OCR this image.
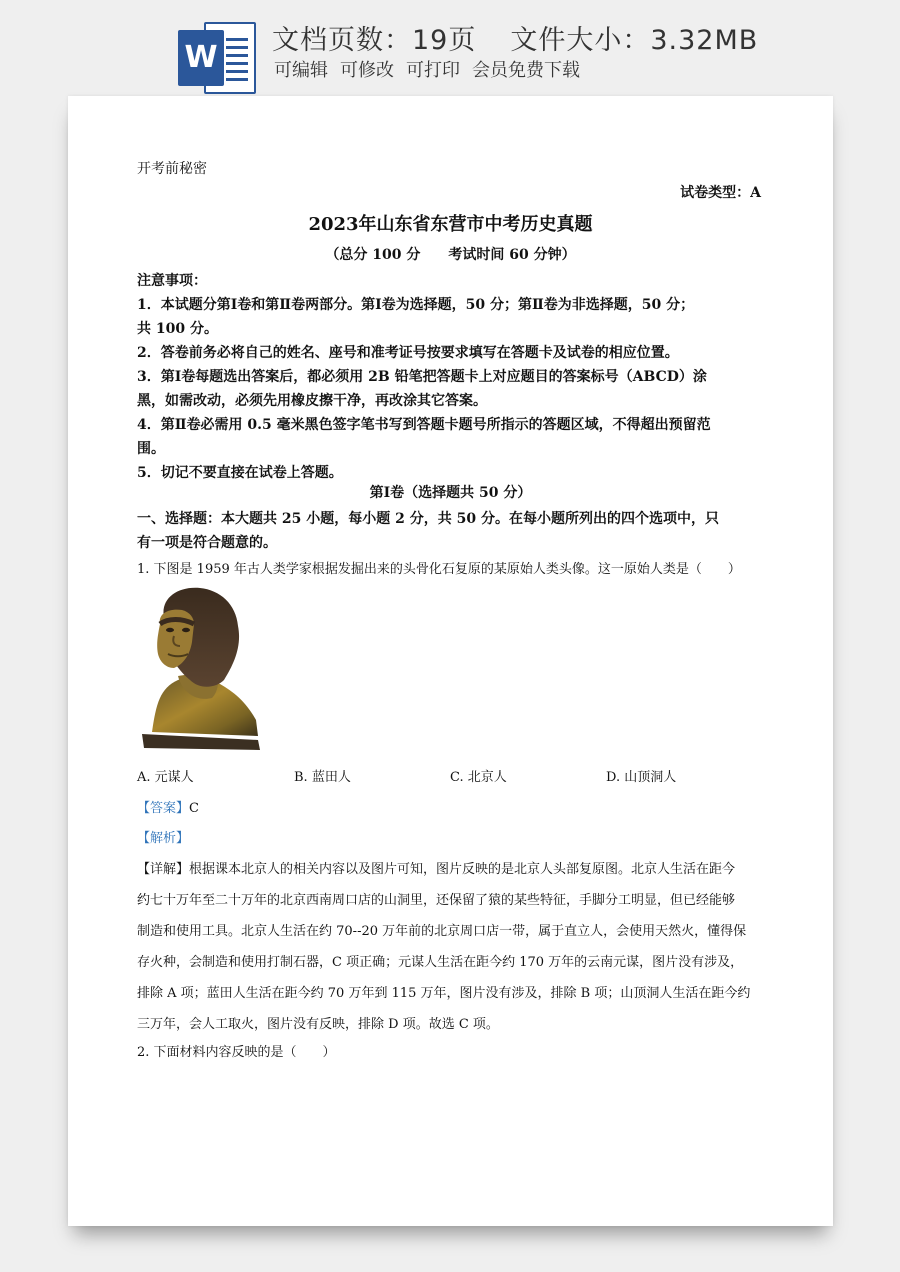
W 文档页数：19页 文件大小：3.32MB
可编辑 可修改 可打印 会员免费下载
开考前秘密
试卷类型：A
2023年山东省东营市中考历史真题
（总分 100 分　　考试时间 60 分钟）
注意事项：
1．本试题分第Ⅰ卷和第Ⅱ卷两部分。第Ⅰ卷为选择题，50 分；第Ⅱ卷为非选择题，50 分；
共 100 分。
2．答卷前务必将自己的姓名、座号和准考证号按要求填写在答题卡及试卷的相应位置。
3．第Ⅰ卷每题选出答案后，都必须用 2B 铅笔把答题卡上对应题目的答案标号（ABCD）涂
黑，如需改动，必须先用橡皮擦干净，再改涂其它答案。
4．第Ⅱ卷必需用 0.5 毫米黑色签字笔书写到答题卡题号所指示的答题区域，不得超出预留范
围。
5．切记不要直接在试卷上答题。
第Ⅰ卷（选择题共 50 分）
一、选择题：本大题共 25 小题，每小题 2 分，共 50 分。在每小题所列出的四个选项中，只
有一项是符合题意的。
1. 下图是 1959 年古人类学家根据发掘出来的头骨化石复原的某原始人类头像。这一原始人类是（　　）
A. 元谋人	B. 蓝田人	C. 北京人	D. 山顶洞人
【答案】C
【解析】
【详解】根据课本北京人的相关内容以及图片可知，图片反映的是北京人头部复原图。北京人生活在距今
约七十万年至二十万年的北京西南周口店的山洞里，还保留了猿的某些特征，手脚分工明显，但已经能够
制造和使用工具。北京人生活在约 70--20 万年前的北京周口店一带，属于直立人，会使用天然火，懂得保
存火种，会制造和使用打制石器，C 项正确；元谋人生活在距今约 170 万年的云南元谋，图片没有涉及，
排除 A 项；蓝田人生活在距今约 70 万年到 115 万年，图片没有涉及，排除 B 项；山顶洞人生活在距今约
三万年，会人工取火，图片没有反映，排除 D 项。故选 C 项。
2. 下面材料内容反映的是（　　）
